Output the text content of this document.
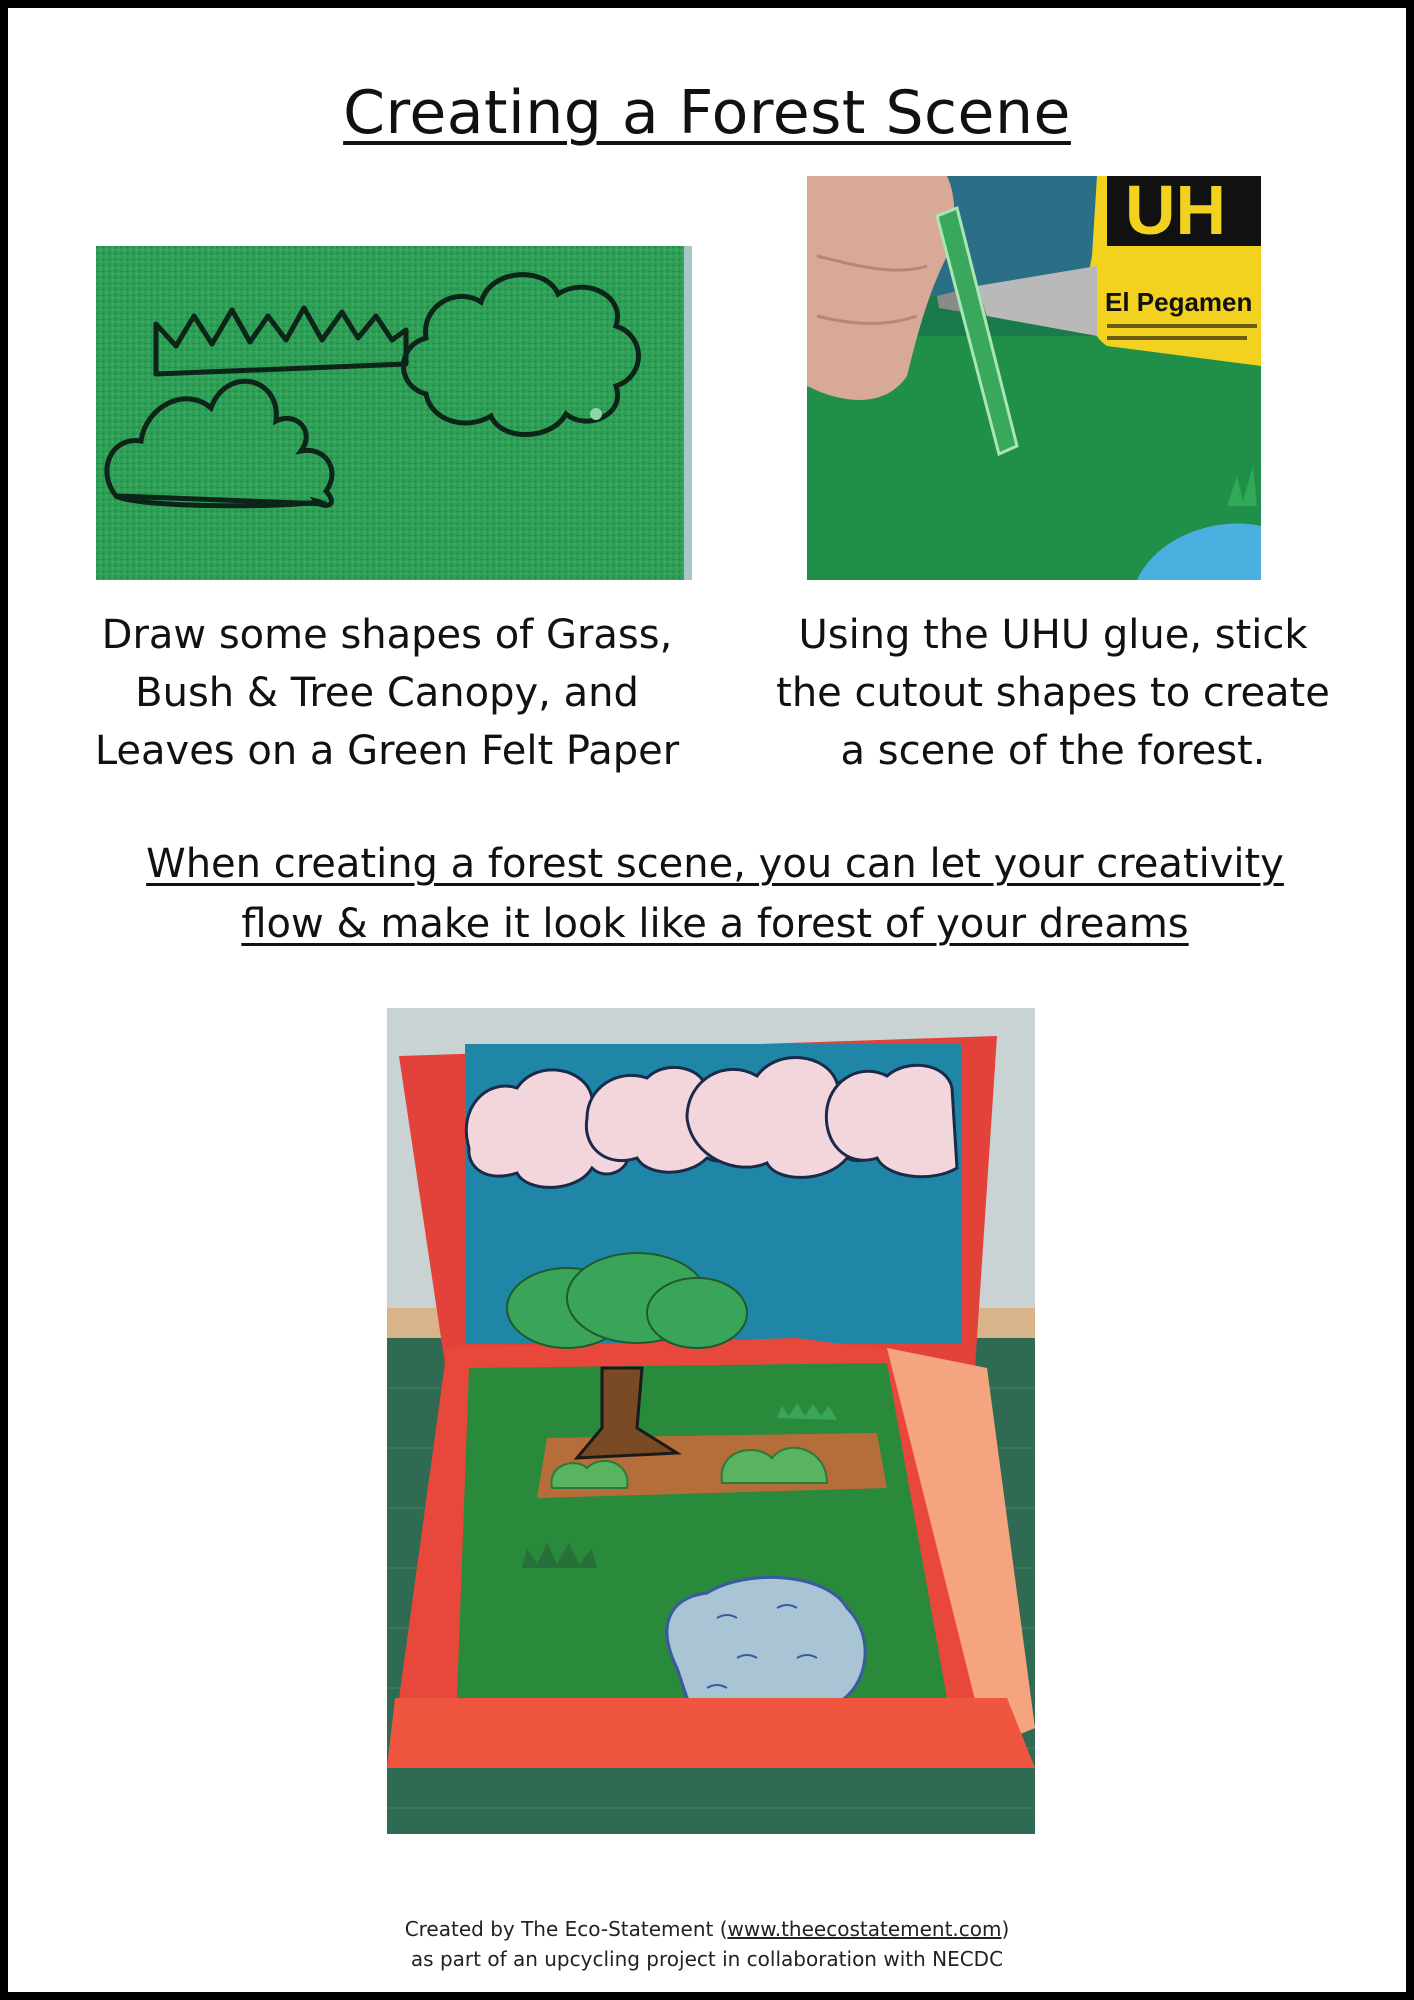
Creating a Forest Scene
UH
El Pegamen
Draw some shapes of Grass,
Bush & Tree Canopy, and
Leaves on a Green Felt Paper
Using the UHU glue, stick
the cutout shapes to create
a scene of the forest.
When creating a forest scene, you can let your creativity
flow & make it look like a forest of your dreams
Created by The Eco-Statement (www.theecostatement.com)
as part of an upcycling project in collaboration with NECDC
